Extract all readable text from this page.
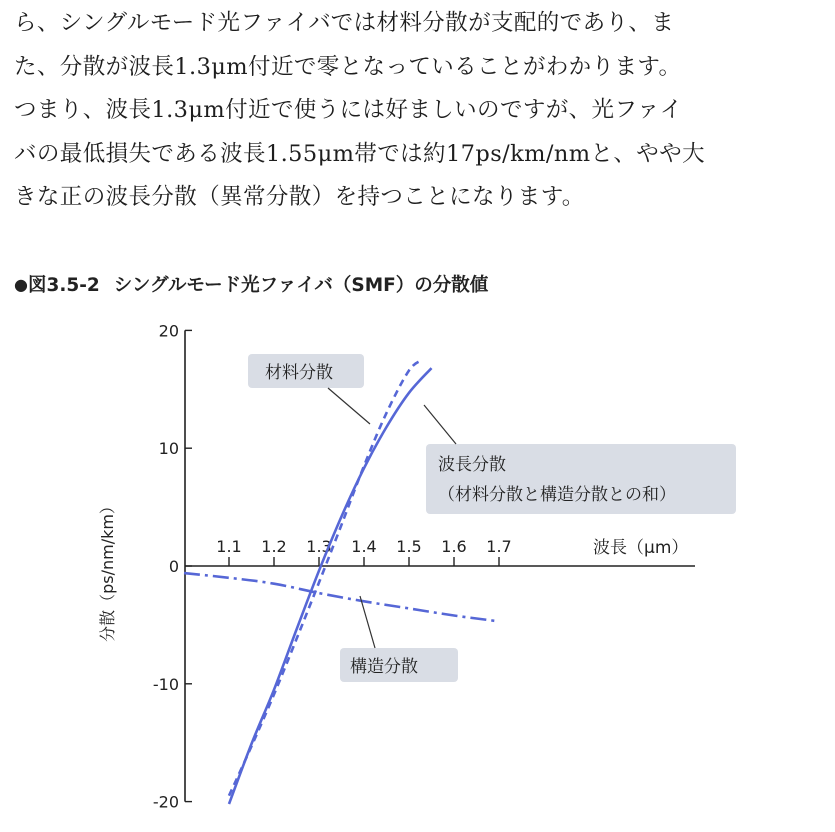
ら、シングルモード光ファイバでは材料分散が支配的であり、ま
た、分散が波長1.3μm付近で零となっていることがわかります。
つまり、波長1.3μm付近で使うには好ましいのですが、光ファイ
バの最低損失である波長1.55μm帯では約17ps/km/nmと、やや大
きな正の波長分散（異常分散）を持つことになります。
●図3.5-2 シングルモード光ファイバ（SMF）の分散値
20
10
0
-10
-20
1.1 1.2 1.3 1.4 1.5 1.6 1.7	波長（μm）
分散（ps/nm/km）
材料分散
波長分散
（材料分散と構造分散との和）
構造分散
